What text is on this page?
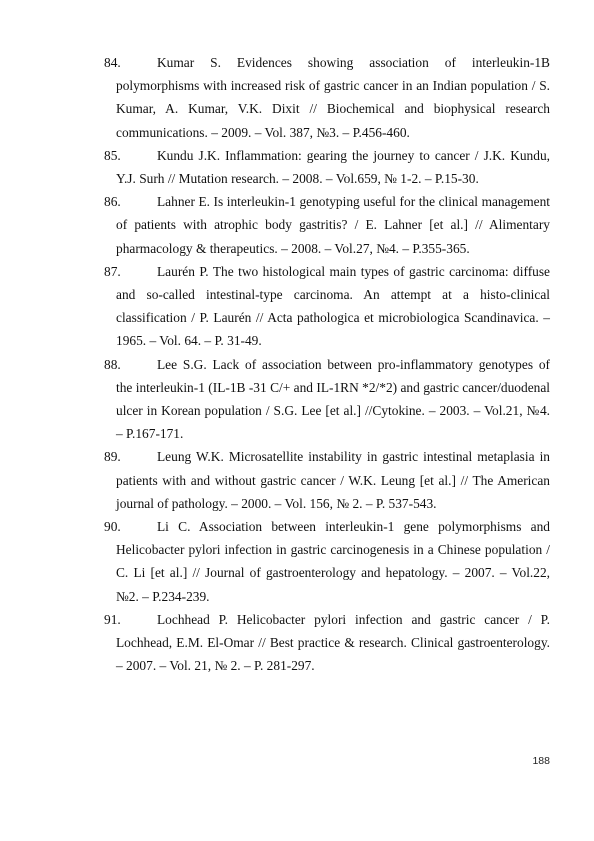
84.	Kumar S. Evidences showing association of interleukin-1B polymorphisms with increased risk of gastric cancer in an Indian population / S. Kumar, A. Kumar, V.K. Dixit // Biochemical and biophysical research communications. – 2009. – Vol. 387, №3. – P.456-460.

85.	Kundu J.K. Inflammation: gearing the journey to cancer / J.K. Kundu, Y.J. Surh // Mutation research. – 2008. – Vol.659, № 1-2. – P.15-30.

86.	Lahner E. Is interleukin-1 genotyping useful for the clinical management of patients with atrophic body gastritis? / E. Lahner [et al.] // Alimentary pharmacology & therapeutics. – 2008. – Vol.27, №4. – P.355-365.

87.	Laurén P. The two histological main types of gastric carcinoma: diffuse and so-called intestinal-type carcinoma. An attempt at a histo-clinical classification / P. Laurén // Acta pathologica et microbiologica Scandinavica. – 1965. – Vol. 64. – P. 31-49.

88.	Lee S.G. Lack of association between pro-inflammatory genotypes of the interleukin-1 (IL-1B -31 C/+ and IL-1RN *2/*2) and gastric cancer/duodenal ulcer in Korean population / S.G. Lee [et al.] //Cytokine. – 2003. – Vol.21, №4. – P.167-171.

89.	Leung W.K. Microsatellite instability in gastric intestinal metaplasia in patients with and without gastric cancer / W.K. Leung [et al.] // The American journal of pathology. – 2000. – Vol. 156, № 2. – P. 537-543.

90.	Li C. Association between interleukin-1 gene polymorphisms and Helicobacter pylori infection in gastric carcinogenesis in a Chinese population / C. Li [et al.] // Journal of gastroenterology and hepatology. – 2007. – Vol.22, №2. – P.234-239.

91.	Lochhead P. Helicobacter pylori infection and gastric cancer / P. Lochhead, E.M. El-Omar // Best practice & research. Clinical gastroenterology. – 2007. – Vol. 21, № 2. – P. 281-297.

188
